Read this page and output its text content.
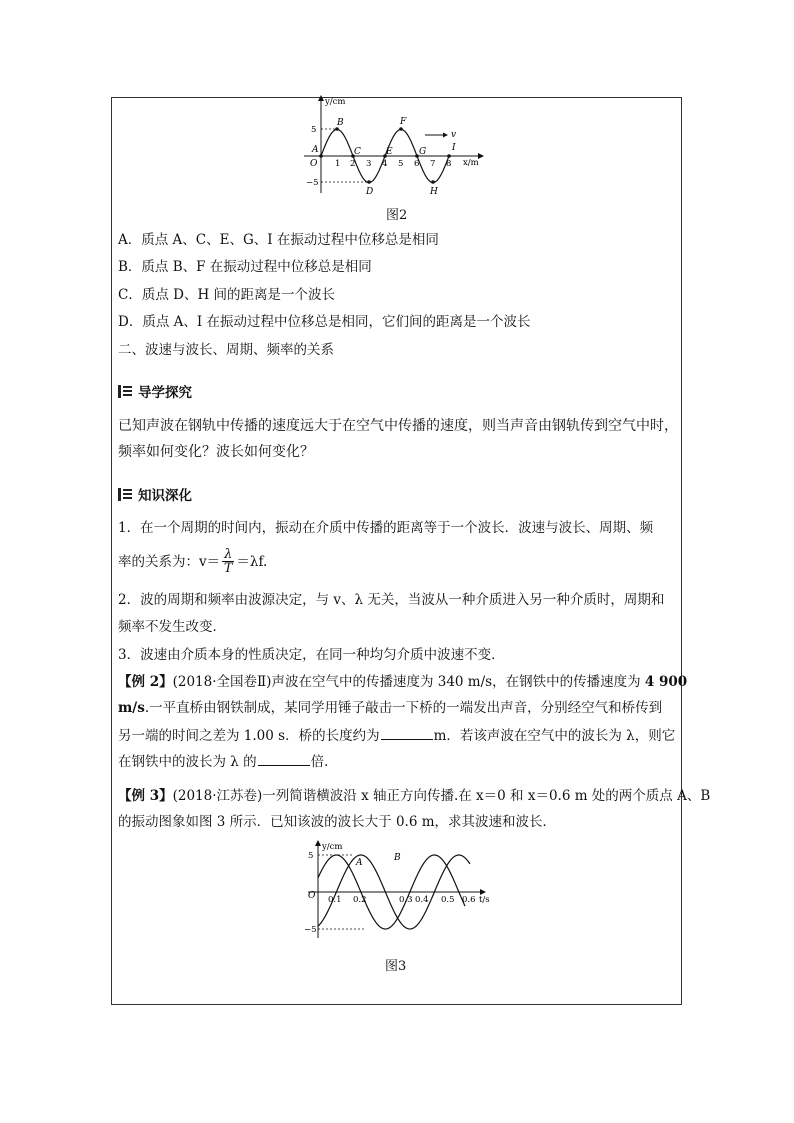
v
y/cm
x/m
O
5
−5
1 2 3 4 5 6 7 8
A
B
C
D
E
F
G
H
I
图2
A．质点 A、C、E、G、I 在振动过程中位移总是相同
B．质点 B、F 在振动过程中位移总是相同
C．质点 D、H 间的距离是一个波长
D．质点 A、I 在振动过程中位移总是相同，它们间的距离是一个波长
二、波速与波长、周期、频率的关系
导学探究
已知声波在钢轨中传播的速度远大于在空气中传播的速度，则当声音由钢轨传到空气中时，
频率如何变化？波长如何变化？
知识深化
1．在一个周期的时间内，振动在介质中传播的距离等于一个波长．波速与波长、周期、频
率的关系为：$v= \frac{\lambda}{T} =\lambda f$.
2．波的周期和频率由波源决定，与 v、λ 无关，当波从一种介质进入另一种介质时，周期和
频率不发生改变．
3．波速由介质本身的性质决定，在同一种均匀介质中波速不变．
【例 2】(2018·全国卷Ⅱ)声波在空气中的传播速度为 340 m/s，在钢铁中的传播速度为 4 900
m/s.一平直桥由钢铁制成，某同学用锤子敲击一下桥的一端发出声音，分别经空气和桥传到
另一端的时间之差为 1.00 s．桥的长度约为	m．若该声波在空气中的波长为 λ，则它
在钢铁中的波长为 λ 的	倍．
【例 3】(2018·江苏卷)一列简谐横波沿 x 轴正方向传播.在 x＝0 和 x＝0.6 m 处的两个质点 A、B
的振动图象如图 3 所示．已知该波的波长大于 0.6 m，求其波速和波长．
y/cm
t/s
O
5
−5
0.1 0.2	0.3 0.4 0.5 0.6
A	B
图3
